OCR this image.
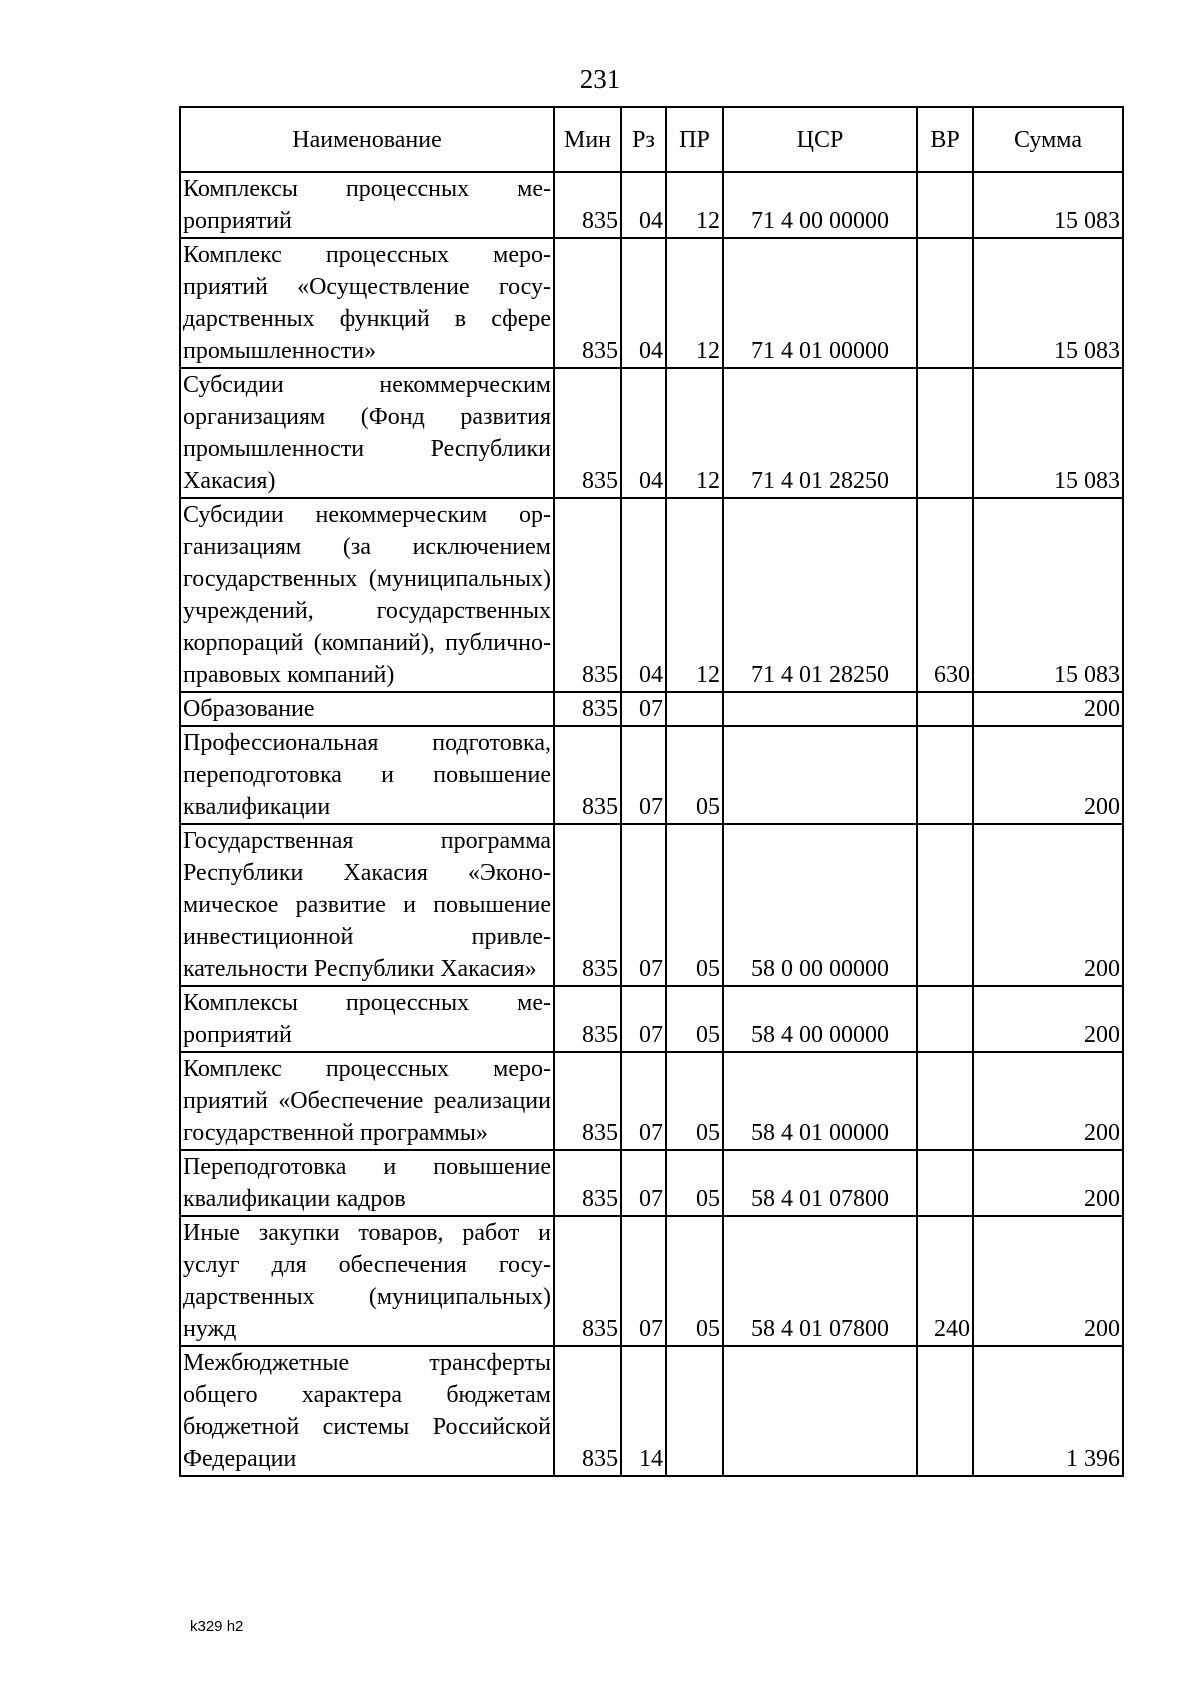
231
Наименование	Мин	Рз	ПР	ЦСР	ВР	Сумма
Комплексы процессных мероприятий	835	04	12	71 4 00 00000		15 083
Комплекс процессных мероприятий «Осуществление государственных функций в сфере промышленности»	835	04	12	71 4 01 00000		15 083
Субсидии некоммерческим организациям (Фонд развития промышленности Республики Хакасия)	835	04	12	71 4 01 28250		15 083
Субсидии некоммерческим организациям (за исключением государственных (муниципальных) учреждений, государственных корпораций (компаний), публично-правовых компаний)	835	04	12	71 4 01 28250	630	15 083
Образование	835	07				200
Профессиональная подготовка, переподготовка и повышение квалификации	835	07	05			200
Государственная программа Республики Хакасия «Экономическое развитие и повышение инвестиционной привлекательности Республики Хакасия»	835	07	05	58 0 00 00000		200
Комплексы процессных мероприятий	835	07	05	58 4 00 00000		200
Комплекс процессных мероприятий «Обеспечение реализации государственной программы»	835	07	05	58 4 01 00000		200
Переподготовка и повышение квалификации кадров	835	07	05	58 4 01 07800		200
Иные закупки товаров, работ и услуг для обеспечения государственных (муниципальных) нужд	835	07	05	58 4 01 07800	240	200
Межбюджетные трансферты общего характера бюджетам бюджетной системы Российской Федерации	835	14				1 396
k329 h2
